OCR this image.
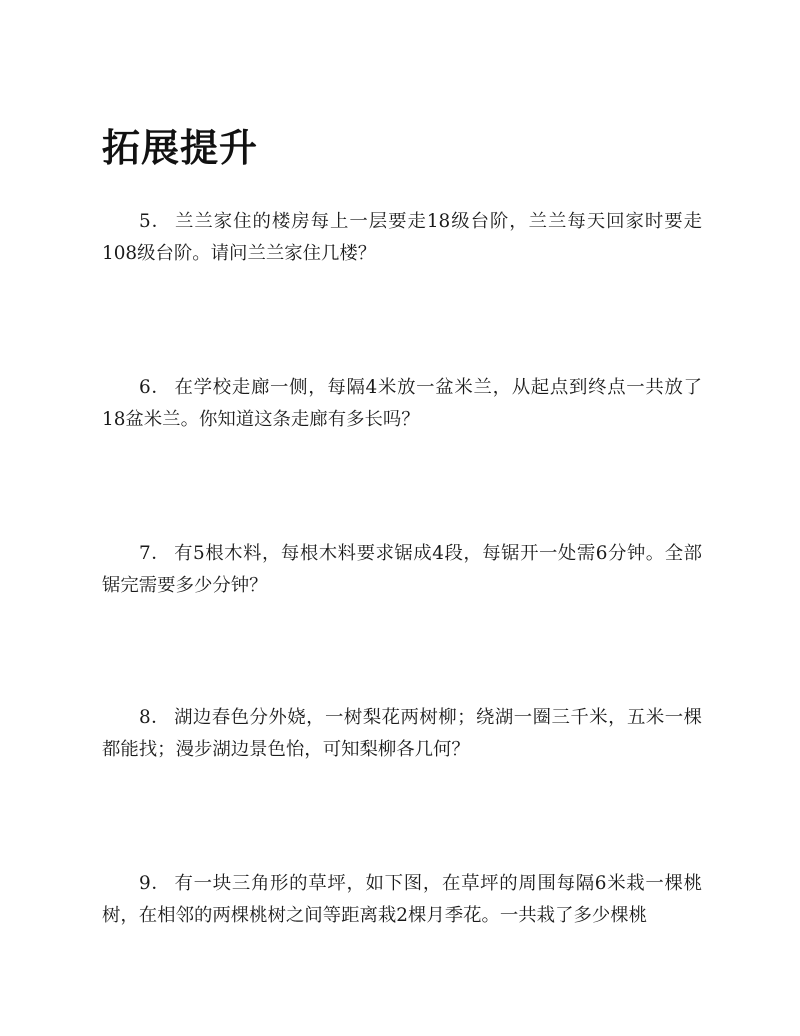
拓展提升

5． 兰兰家住的楼房每上一层要走18级台阶，兰兰每天回家时要走108级台阶。请问兰兰家住几楼？

6． 在学校走廊一侧，每隔4米放一盆米兰，从起点到终点一共放了18盆米兰。你知道这条走廊有多长吗？

7． 有5根木料，每根木料要求锯成4段，每锯开一处需6分钟。全部锯完需要多少分钟？

8． 湖边春色分外娆，一树梨花两树柳；绕湖一圈三千米，五米一棵都能找；漫步湖边景色怡，可知梨柳各几何？

9． 有一块三角形的草坪，如下图，在草坪的周围每隔6米栽一棵桃树，在相邻的两棵桃树之间等距离栽2棵月季花。一共栽了多少棵桃
